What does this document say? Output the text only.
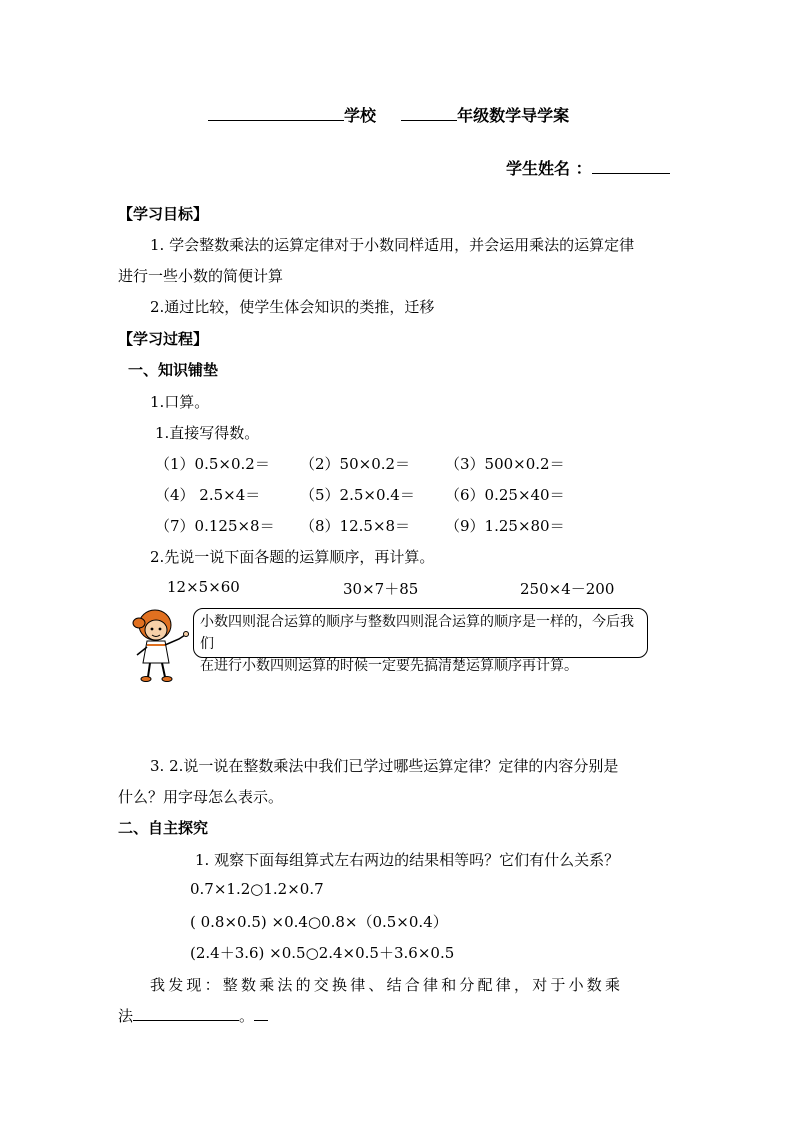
学校	年级数学导学案
学生姓名 ：
【学习目标】
1. 学会整数乘法的运算定律对于小数同样适用，并会运用乘法的运算定律
进行一些小数的简便计算
2.通过比较，使学生体会知识的类推，迁移
【学习过程】
一、知识铺垫
1.口算。
1.直接写得数。
（1）0.5×0.2＝ （2）50×0.2＝ （3）500×0.2＝
（4） 2.5×4＝	（5）2.5×0.4＝ （6）0.25×40＝
（7）0.125×8＝ （8）12.5×8＝ （9）1.25×80＝
2.先说一说下面各题的运算顺序，再计算。
12×5×60	30×7＋85	250×4－200

小数四则混合运算的顺序与整数四则混合运算的顺序是一样的，今后我们

在进行小数四则运算的时候一定要先搞清楚运算顺序再计算。

3. 2.说一说在整数乘法中我们已学过哪些运算定律？定律的内容分别是
什么？用字母怎么表示。
二、自主探究
1. 观察下面每组算式左右两边的结果相等吗？它们有什么关系？
0.7×1.2○1.2×0.7
( 0.8×0.5) ×0.4○0.8×（0.5×0.4）
(2.4＋3.6) ×0.5○2.4×0.5＋3.6×0.5
我发现：整数乘法的交换律、结合律和分配律，对于小数乘
法	。
